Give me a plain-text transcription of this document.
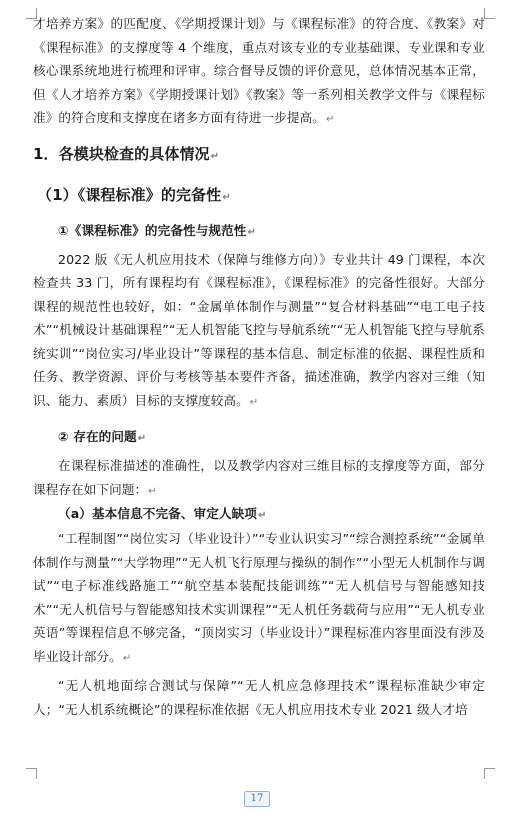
才培养方案》的匹配度、《学期授课计划》与《课程标准》的符合度、《教案》对《课程标准》的支撑度等 4 个维度，重点对该专业的专业基础课、专业课和专业核心课系统地进行梳理和评审。综合督导反馈的评价意见，总体情况基本正常，但《人才培养方案》《学期授课计划》《教案》等一系列相关教学文件与《课程标准》的符合度和支撑度在诸多方面有待进一步提高。↵

1．各模块检查的具体情况↵

（1）《课程标准》的完备性↵

①《课程标准》的完备性与规范性↵

2022 版《无人机应用技术（保障与维修方向）》专业共计 49 门课程，本次检查共 33 门，所有课程均有《课程标准》，《课程标准》的完备性很好。大部分课程的规范性也较好，如：“金属单体制作与测量”“复合材料基础”“电工电子技术”“机械设计基础课程”“无人机智能飞控与导航系统”“无人机智能飞控与导航系统实训”“岗位实习/毕业设计”等课程的基本信息、制定标准的依据、课程性质和任务、教学资源、评价与考核等基本要件齐备，描述准确，教学内容对三维（知识、能力、素质）目标的支撑度较高。↵

② 存在的问题↵

在课程标准描述的准确性，以及教学内容对三维目标的支撑度等方面，部分课程存在如下问题：↵

（a）基本信息不完备、审定人缺项↵

“工程制图”“岗位实习（毕业设计）”“专业认识实习”“综合测控系统”“金属单体制作与测量”“大学物理”“无人机飞行原理与操纵的制作”“小型无人机制作与调试”“电子标准线路施工”“航空基本装配技能训练”“无人机信号与智能感知技术”“无人机信号与智能感知技术实训课程”“无人机任务载荷与应用”“无人机专业英语”等课程信息不够完备，“顶岗实习（毕业设计）”课程标准内容里面没有涉及毕业设计部分。↵

“无人机地面综合测试与保障”“无人机应急修理技术”课程标准缺少审定人；“无人机系统概论”的课程标准依据《无人机应用技术专业 2021 级人才培

17
